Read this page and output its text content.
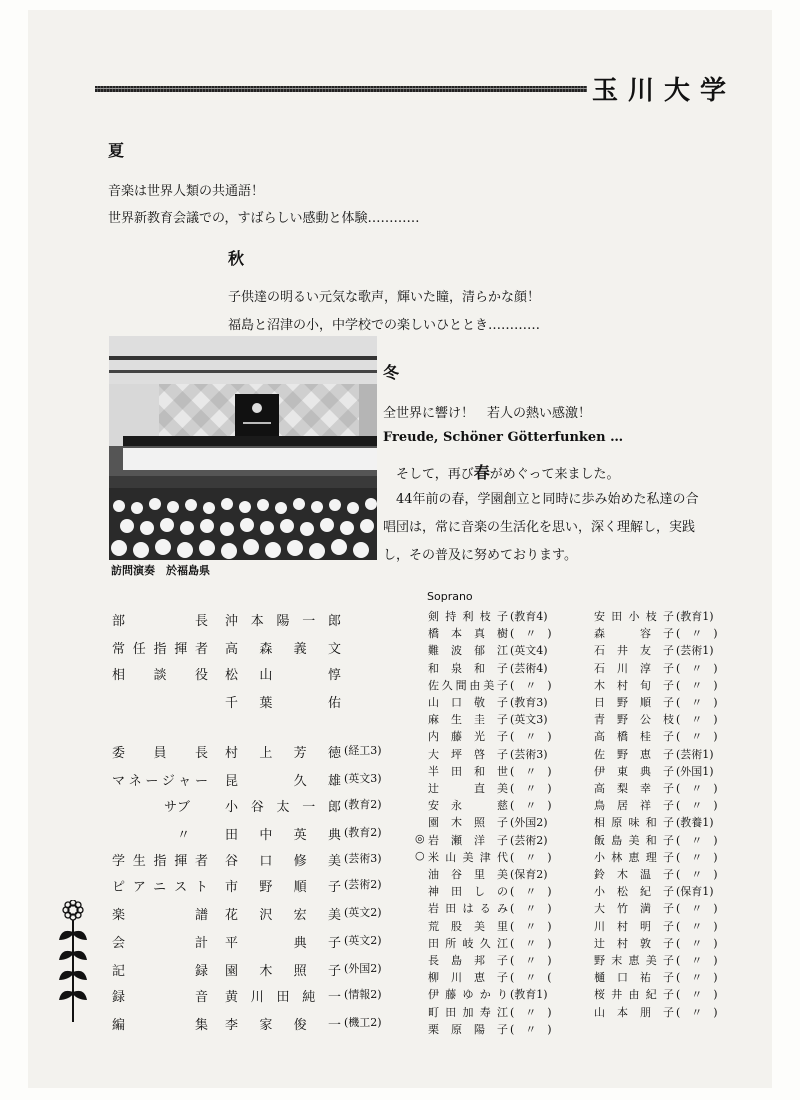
玉川大学
夏
音楽は世界人類の共通語！
世界新教育会議での，すばらしい感動と体験…………
秋
子供達の明るい元気な歌声，輝いた瞳，清らかな顔！
福島と沼津の小，中学校での楽しいひととき…………
訪問演奏　於福島県
冬
全世界に響け！　若人の熱い感激！
Freude, Schöner Götterfunken …
そして，再び春がめぐって来ました。
44年前の春，学園創立と同時に歩み始めた私達の合
唱団は，常に音楽の生活化を思い，深く理解し，実践
し，その普及に努めております。
部長 沖本陽一郎
常任指揮者 高森義文
相談役 松山　惇
千葉　佑
委員長 村上芳徳 (経工3)
マネージャー 昆　久雄 (英文3)
　　　　サブ	小谷太一郎 (教育2)
　　　　　〃	田中英典 (教育2)
学生指揮者 谷口修美 (芸術3)
ピアニスト 市野順子 (芸術2)
楽譜 花沢宏美 (英文2)
会計 平　典子 (英文2)
記録 園木照子 (外国2)
録音 黄川田純一 (情報2)
編集 李家俊一 (機工2)
Soprano
剣持利枝子 (教育4)
橋本真樹 (　〃　)
難波郁江 (英文4)
和泉和子 (芸術4)
佐久間由美子 (　〃　)
山口敬子 (教育3)
麻生圭子 (英文3)
内藤光子 (　〃　)
大坪啓子 (芸術3)
半田和世 (　〃　)
辻　直美 (　〃　)
安永　慈 (　〃　)
園木照子 (外国2)
◎ 岩瀬洋子 (芸術2)
○ 米山美津代 (　〃　)
油谷里美 (保育2)
神田しの (　〃　)
岩田はるみ (　〃　)
荒股美里 (　〃　)
田所岐久江 (　〃　)
長島邦子 (　〃　)
柳川恵子 (　〃　(
伊藤ゆかり (教育1)
町田加寿江 (　〃　)
栗原陽子 (　〃　)
安田小枝子 (教育1)
森　容子 (　〃　)
石井友子 (芸術1)
石川淳子 (　〃　)
木村旬子 (　〃　)
日野順子 (　〃　)
青野公枝 (　〃　)
高橋桂子 (　〃　)
佐野恵子 (芸術1)
伊東典子 (外国1)
高梨幸子 (　〃　)
鳥居祥子 (　〃　)
相原味和子 (教養1)
飯島美和子 (　〃　)
小林恵理子 (　〃　)
鈴木温子 (　〃　)
小松紀子 (保育1)
大竹満子 (　〃　)
川村明子 (　〃　)
辻村敦子 (　〃　)
野末恵美子 (　〃　)
樋口祐子 (　〃　)
桜井由紀子 (　〃　)
山本朋子 (　〃　)
